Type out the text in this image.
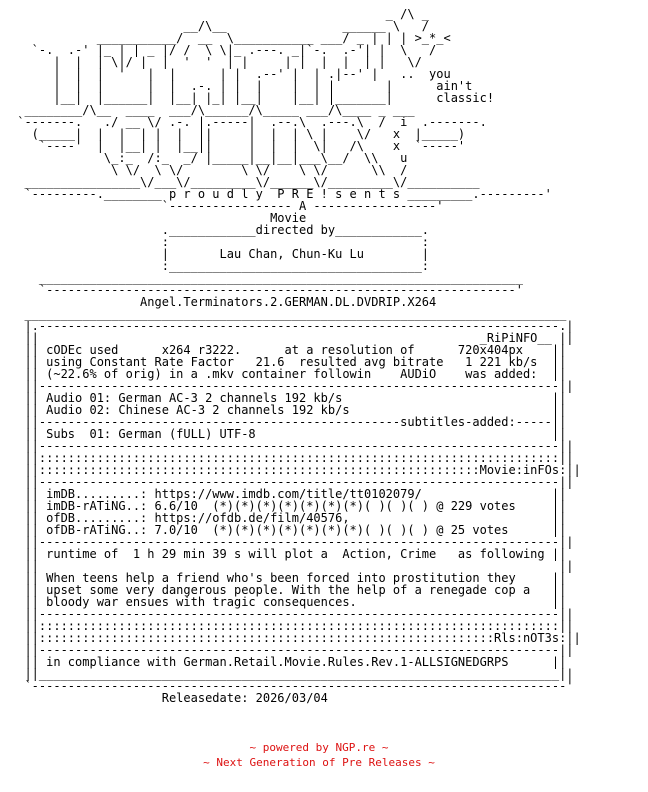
_ /\ _
__/\__                ______ \   /
___________/  __  \___________ ___/ _ | | | >_*_<
`-.  .-' |_ | | _ |/ /  \ \|_ .---. _|`-.  .-'| |  \   /
|  |  | \|/ |  |  '  '  | |     | |  |  |  | |   \/
|  |  |  '   |  |      | |  .--' |  | .|--' |   ..  you
|  |  |      |  |  .-. | |  |    |  | |       |      ain't
|__|  |______|  |__| |_| |__|    |__| |_______|      classic!
________/\__  ____  ___/\______/\_____ ___/\____ _ ___
`-------.   ./ __ \/ .-. |.-----|  .--.\  .---.\  /  i  .-------.
(_____|  |  |  | |  |  ||     |  |  | \ |    \/   x  |_____)
`----'  |  |__| |  |__||     |  |  |  \|   /\    x  `-----'
\_:_  /:_  _/ |_____|__|__|___\__/  \\   u
\ \/  \ \/        \ \/    \ \/      \\  /
________________\/___\/_________\/______\/_________\/__________
`---------.________ p r o u d l y  P R E ! s e n t s _________.---------'
`----------------- A -----------------'
Movie
.____________directed by____________.
:                                   :
|       Lau Chan, Chun-Ku Lu        |
:___________________________________:
___________________________________________________________________
`-----------------------------------------------------------------'
Angel.Terminators.2.GERMAN.DL.DVDRIP.X264
___________________________________________________________________________
|.------------------------------------------------------------------------.|
||                                                             _RiPiNFO__ ||
|| cODEc used      x264 r3222.      at a resolution of      720x404px    ||
|| using Constant Rate Factor   21.6  resulted avg bitrate   1 221 kb/s  ||
|| (~22.6% of orig) in a .mkv container followin    AUDiO    was added:  ||
||------------------------------------------------------------------------||
|| Audio 01: German AC-3 2 channels 192 kb/s                             ||
|| Audio 02: Chinese AC-3 2 channels 192 kb/s                            ||
||--------------------------------------------------subtitles-added:-----||
|| Subs  01: German (fULL) UTF-8                                         ||
||------------------------------------------------------------------------||
||::::::::::::::::::::::::::::::::::::::::::::::::::::::::::::::::::::::::||
||:::::::::::::::::::::::::::::::::::::::::::::::::::::::::::::Movie:inFOs:||
||------------------------------------------------------------------------||
|| imDB.........: https://www.imdb.com/title/tt0102079/                  ||
|| imDB-rATiNG..: 6.6/10  (*)(*)(*)(*)(*)(*)(*)( )( )( ) @ 229 votes     ||
|| ofDB.........: https://ofdb.de/film/40576,                            ||
|| ofDB-rATiNG..: 7.0/10  (*)(*)(*)(*)(*)(*)(*)( )( )( ) @ 25 votes      ||
||------------------------------------------------------------------------||
|| runtime of  1 h 29 min 39 s will plot a  Action, Crime   as following ||
||                                                                        ||
|| When teens help a friend who's been forced into prostitution they     ||
|| upset some very dangerous people. With the help of a renegade cop a   ||
|| bloody war ensues with tragic consequences.                           ||
||------------------------------------------------------------------------||
||::::::::::::::::::::::::::::::::::::::::::::::::::::::::::::::::::::::::||
||:::::::::::::::::::::::::::::::::::::::::::::::::::::::::::::::Rls:nOT3s:||
||------------------------------------------------------------------------||
|| in compliance with German.Retail.Movie.Rules.Rev.1-ALLSIGNEDGRPS      ||
||________________________________________________________________________||
`--------------------------------------------------------------------------'
Releasedate: 2026/03/04
~ powered by NGP.re ~
~ Next Generation of Pre Releases ~
